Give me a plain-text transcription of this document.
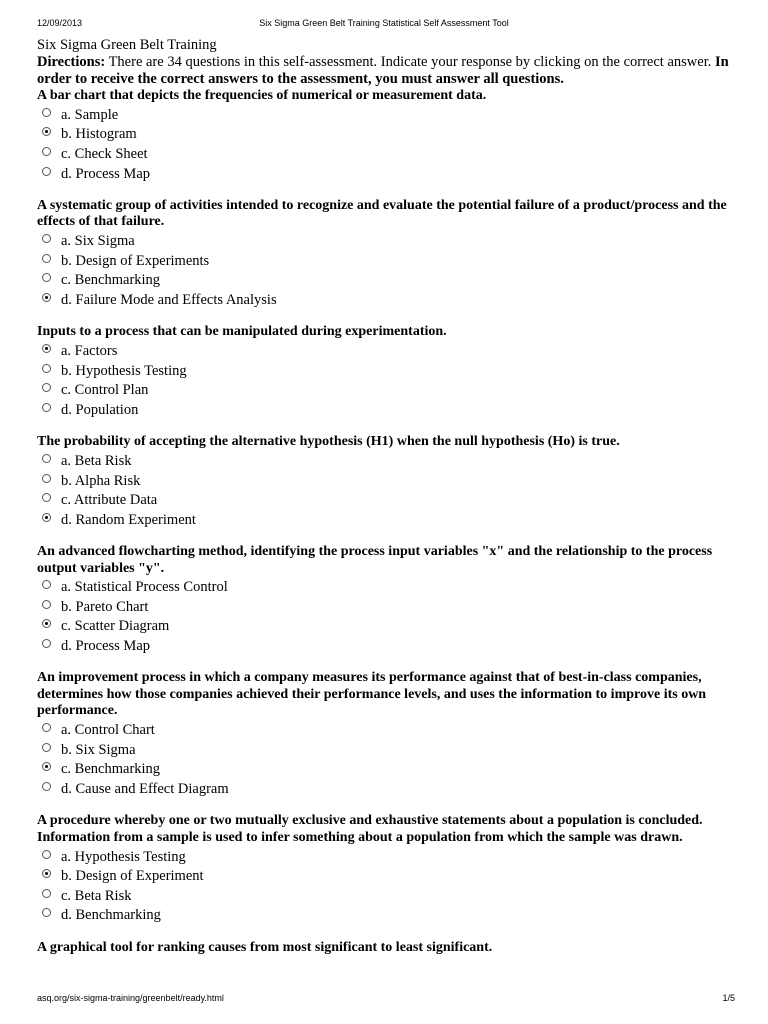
12/09/2013	Six Sigma Green Belt Training Statistical Self Assessment Tool
Six Sigma Green Belt Training
Directions: There are 34 questions in this self-assessment. Indicate your response by clicking on the correct answer. In order to receive the correct answers to the assessment, you must answer all questions.
A bar chart that depicts the frequencies of numerical or measurement data.
a. Sample
b. Histogram
c. Check Sheet
d. Process Map
A systematic group of activities intended to recognize and evaluate the potential failure of a product/process and the effects of that failure.
a. Six Sigma
b. Design of Experiments
c. Benchmarking
d. Failure Mode and Effects Analysis
Inputs to a process that can be manipulated during experimentation.
a. Factors
b. Hypothesis Testing
c. Control Plan
d. Population
The probability of accepting the alternative hypothesis (H1) when the null hypothesis (Ho) is true.
a. Beta Risk
b. Alpha Risk
c. Attribute Data
d. Random Experiment
An advanced flowcharting method, identifying the process input variables "x" and the relationship to the process output variables "y".
a. Statistical Process Control
b. Pareto Chart
c. Scatter Diagram
d. Process Map
An improvement process in which a company measures its performance against that of best-in-class companies, determines how those companies achieved their performance levels, and uses the information to improve its own performance.
a. Control Chart
b. Six Sigma
c. Benchmarking
d. Cause and Effect Diagram
A procedure whereby one or two mutually exclusive and exhaustive statements about a population is concluded. Information from a sample is used to infer something about a population from which the sample was drawn.
a. Hypothesis Testing
b. Design of Experiment
c. Beta Risk
d. Benchmarking
A graphical tool for ranking causes from most significant to least significant.
asq.org/six-sigma-training/greenbelt/ready.html	1/5
